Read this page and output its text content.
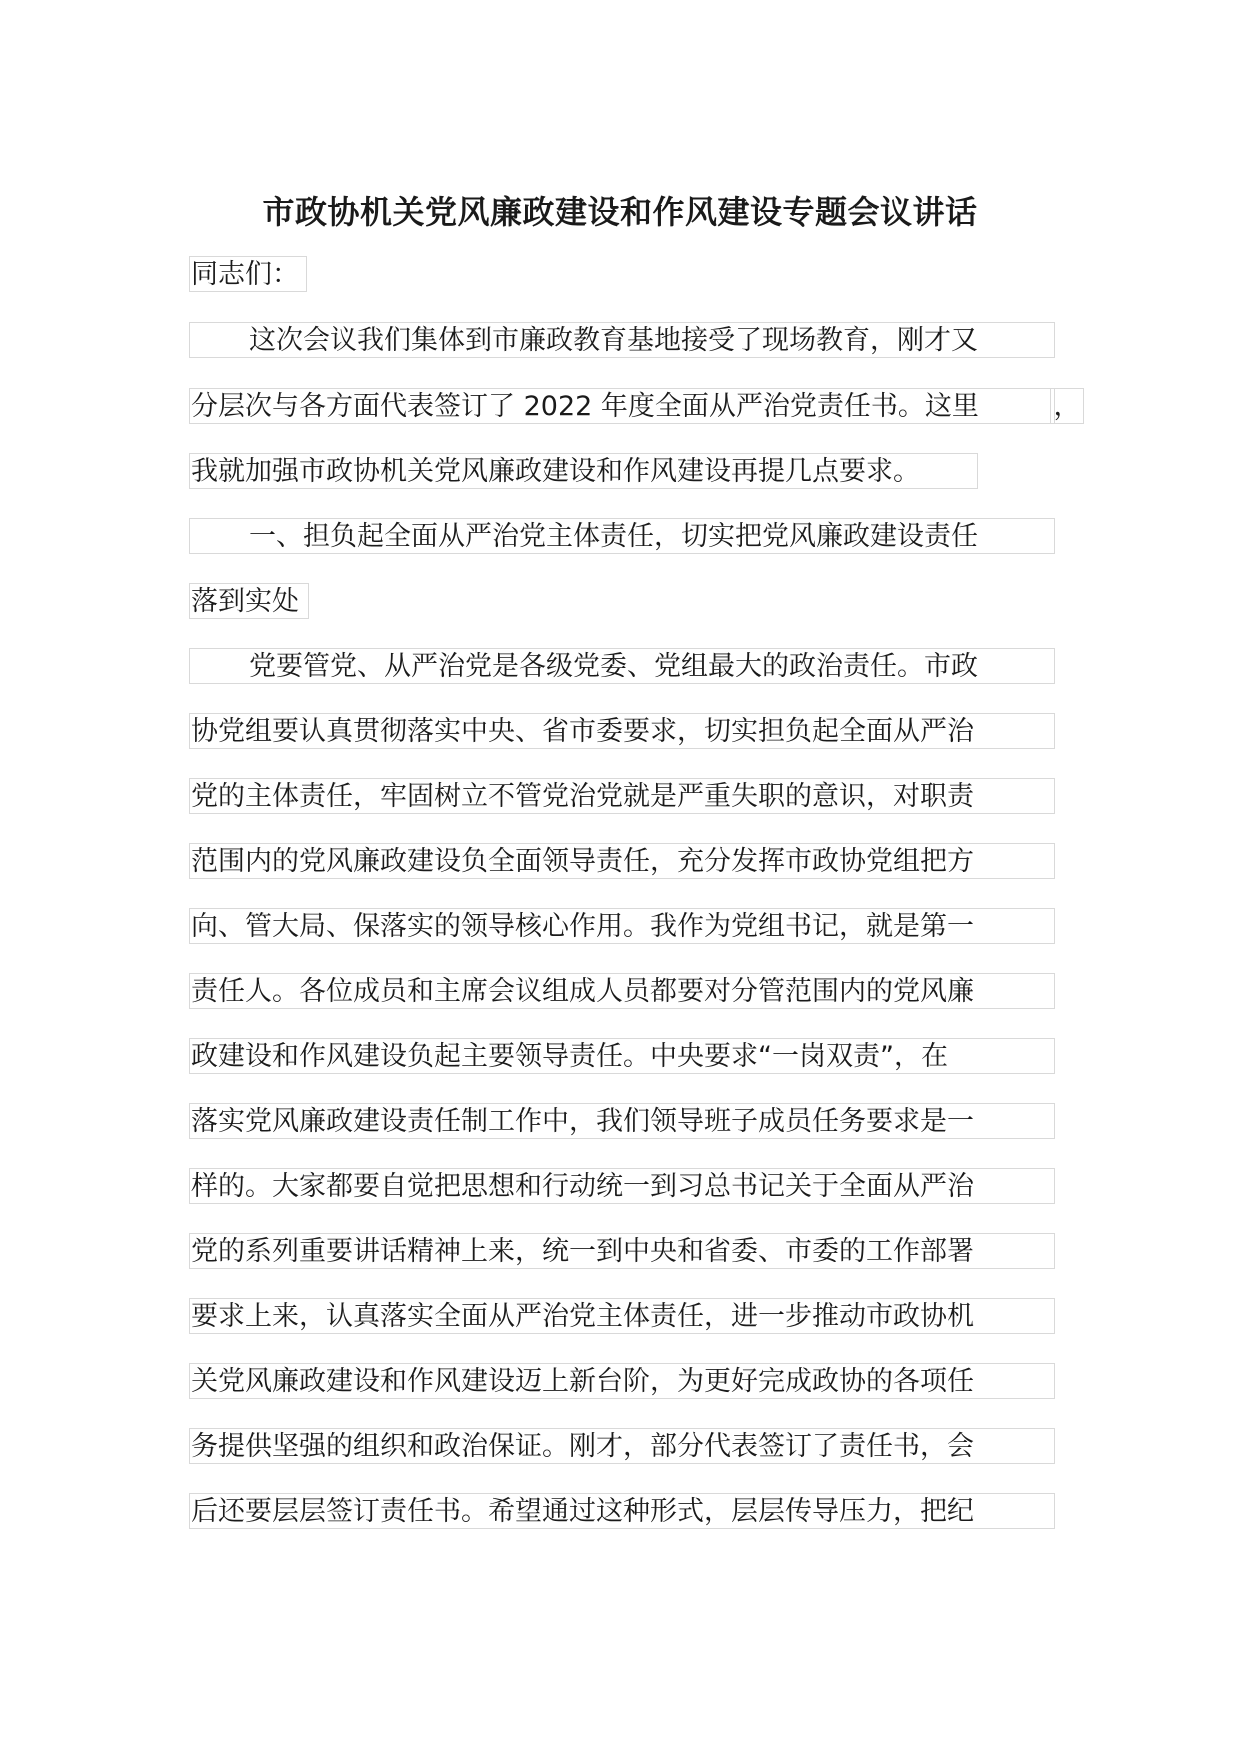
市政协机关党风廉政建设和作风建设专题会议讲话
同志们：
这次会议我们集体到市廉政教育基地接受了现场教育，刚才又
分层次与各方面代表签订了 2022 年度全面从严治党责任书。这里	，
我就加强市政协机关党风廉政建设和作风建设再提几点要求。
一、担负起全面从严治党主体责任，切实把党风廉政建设责任
落到实处
党要管党、从严治党是各级党委、党组最大的政治责任。市政
协党组要认真贯彻落实中央、省市委要求，切实担负起全面从严治
党的主体责任，牢固树立不管党治党就是严重失职的意识，对职责
范围内的党风廉政建设负全面领导责任，充分发挥市政协党组把方
向、管大局、保落实的领导核心作用。我作为党组书记，就是第一
责任人。各位成员和主席会议组成人员都要对分管范围内的党风廉
政建设和作风建设负起主要领导责任。中央要求“一岗双责”，在
落实党风廉政建设责任制工作中，我们领导班子成员任务要求是一
样的。大家都要自觉把思想和行动统一到习总书记关于全面从严治
党的系列重要讲话精神上来，统一到中央和省委、市委的工作部署
要求上来，认真落实全面从严治党主体责任，进一步推动市政协机
关党风廉政建设和作风建设迈上新台阶，为更好完成政协的各项任
务提供坚强的组织和政治保证。刚才，部分代表签订了责任书，会
后还要层层签订责任书。希望通过这种形式，层层传导压力，把纪
